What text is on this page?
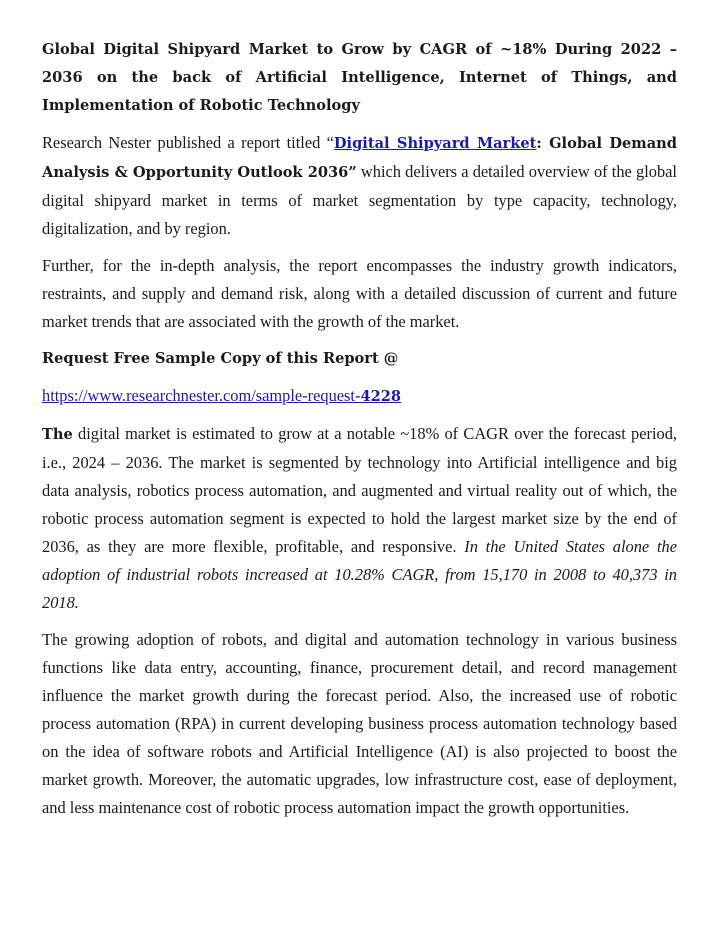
Global Digital Shipyard Market to Grow by CAGR of ~18% During 2022 – 2036 on the back of Artificial Intelligence, Internet of Things, and Implementation of Robotic Technology

Research Nester published a report titled “Digital Shipyard Market: Global Demand Analysis & Opportunity Outlook 2036” which delivers a detailed overview of the global digital shipyard market in terms of market segmentation by type capacity, technology, digitalization, and by region.

Further, for the in-depth analysis, the report encompasses the industry growth indicators, restraints, and supply and demand risk, along with a detailed discussion of current and future market trends that are associated with the growth of the market.

Request Free Sample Copy of this Report @

https://www.researchnester.com/sample-request-4228

The digital market is estimated to grow at a notable ~18% of CAGR over the forecast period, i.e., 2024 – 2036. The market is segmented by technology into Artificial intelligence and big data analysis, robotics process automation, and augmented and virtual reality out of which, the robotic process automation segment is expected to hold the largest market size by the end of 2036, as they are more flexible, profitable, and responsive. In the United States alone the adoption of industrial robots increased at 10.28% CAGR, from 15,170 in 2008 to 40,373 in 2018.

The growing adoption of robots, and digital and automation technology in various business functions like data entry, accounting, finance, procurement detail, and record management influence the market growth during the forecast period. Also, the increased use of robotic process automation (RPA) in current developing business process automation technology based on the idea of software robots and Artificial Intelligence (AI) is also projected to boost the market growth. Moreover, the automatic upgrades, low infrastructure cost, ease of deployment, and less maintenance cost of robotic process automation impact the growth opportunities.
